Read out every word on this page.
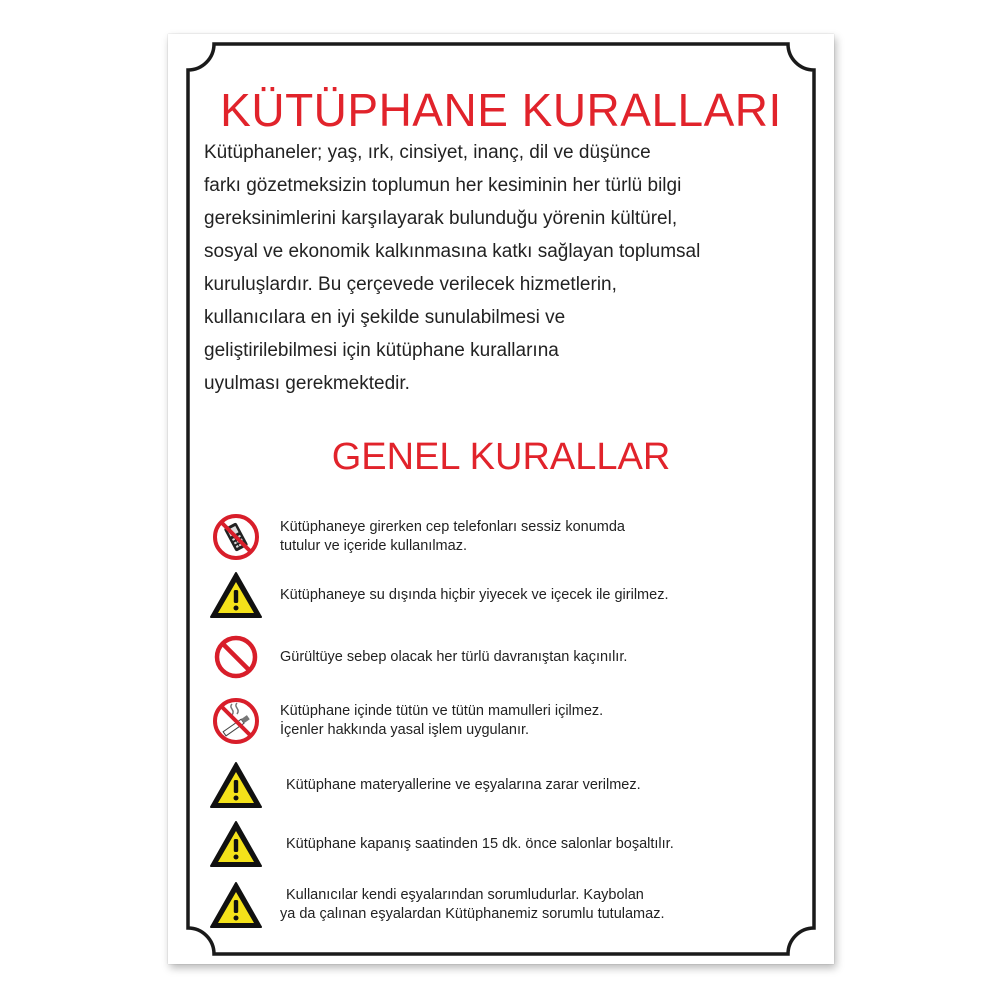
KÜTÜPHANE KURALLARI
Kütüphaneler; yaş, ırk, cinsiyet, inanç, dil ve düşünce
farkı gözetmeksizin toplumun her kesiminin her türlü bilgi
gereksinimlerini karşılayarak bulunduğu yörenin kültürel,
sosyal ve ekonomik kalkınmasına katkı sağlayan toplumsal
kuruluşlardır. Bu çerçevede verilecek hizmetlerin,
kullanıcılara en iyi şekilde sunulabilmesi ve
geliştirilebilmesi için kütüphane kurallarına
uyulması gerekmektedir.
GENEL KURALLAR
Kütüphaneye girerken cep telefonları sessiz konumda
tutulur ve içeride kullanılmaz.
Kütüphaneye su dışında hiçbir yiyecek ve içecek ile girilmez.
Gürültüye sebep olacak her türlü davranıştan kaçınılır.
Kütüphane içinde tütün ve tütün mamulleri içilmez.
İçenler hakkında yasal işlem uygulanır.
Kütüphane materyallerine ve eşyalarına zarar verilmez.
Kütüphane kapanış saatinden 15 dk. önce salonlar boşaltılır.
Kullanıcılar kendi eşyalarından sorumludurlar. Kaybolan
ya da çalınan eşyalardan Kütüphanemiz sorumlu tutulamaz.
